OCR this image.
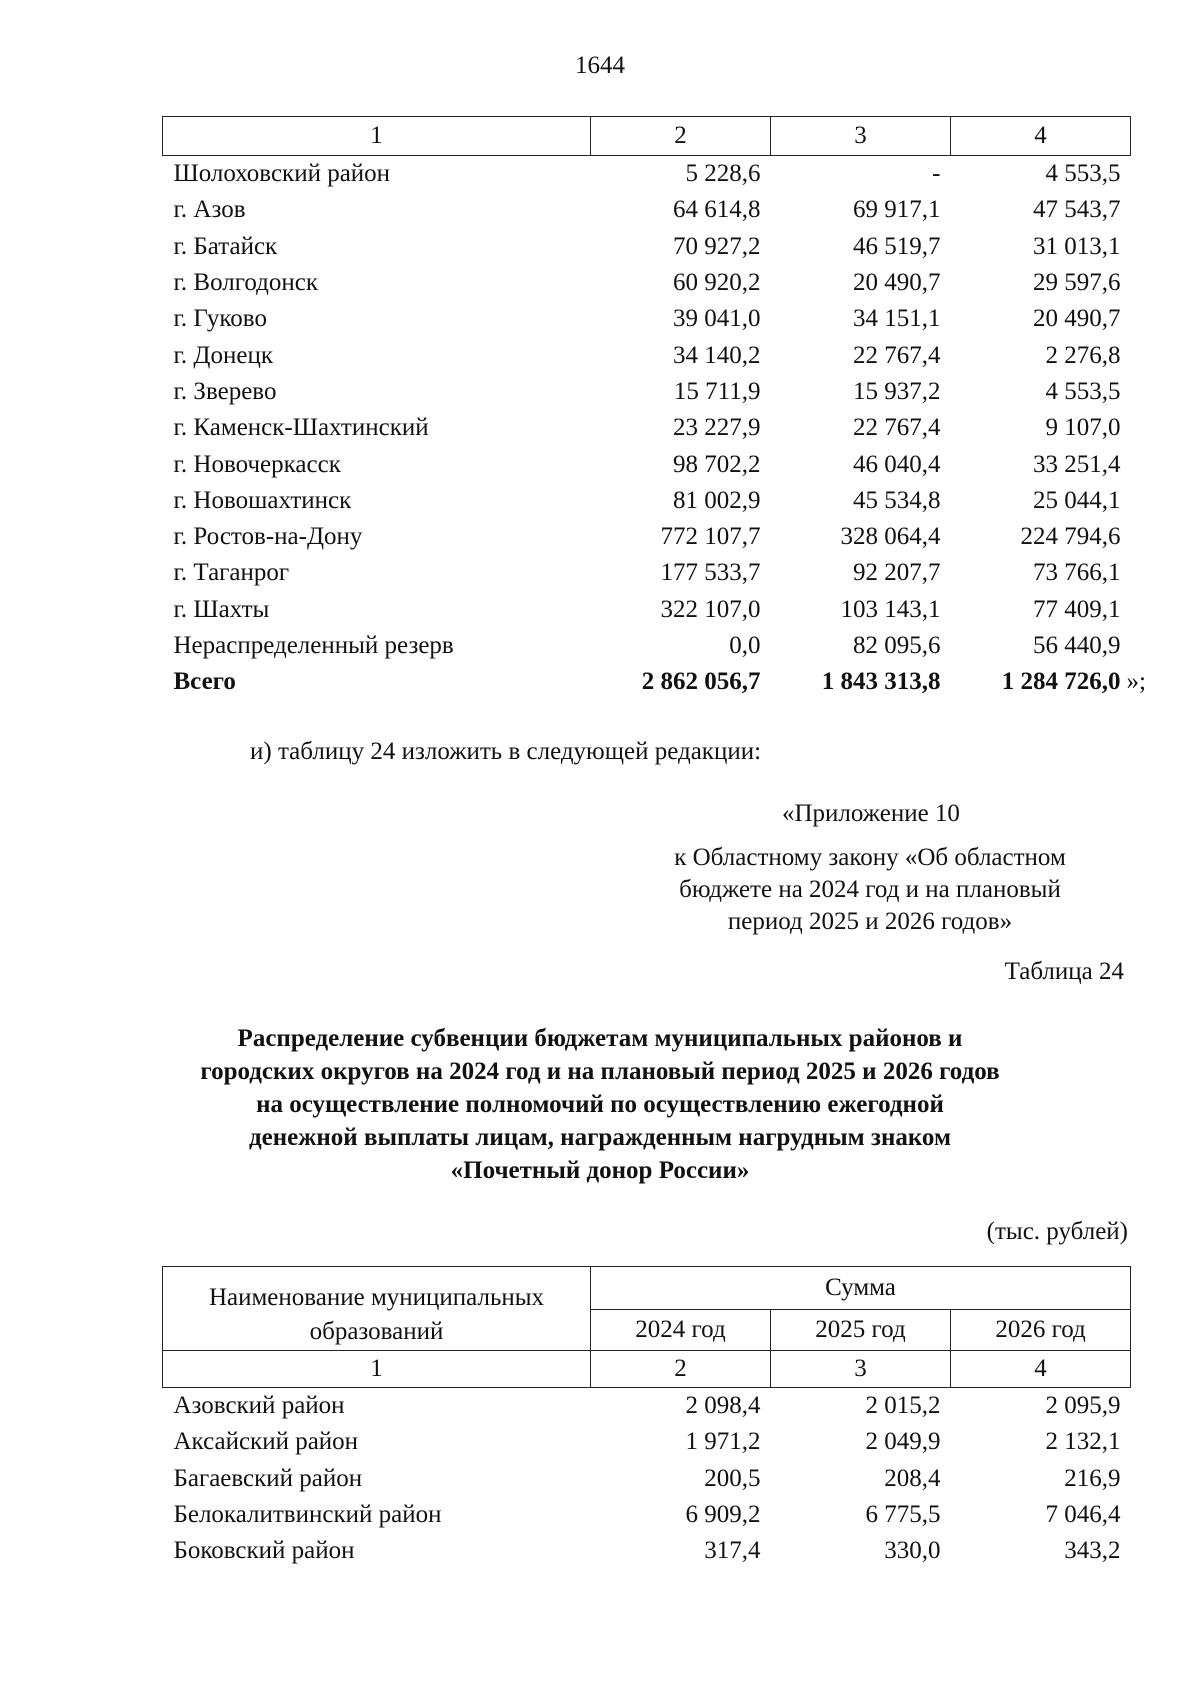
1644
1	2	3	4
Шолоховский район	5 228,6	-	4 553,5
г. Азов	64 614,8	69 917,1	47 543,7
г. Батайск	70 927,2	46 519,7	31 013,1
г. Волгодонск	60 920,2	20 490,7	29 597,6
г. Гуково	39 041,0	34 151,1	20 490,7
г. Донецк	34 140,2	22 767,4	2 276,8
г. Зверево	15 711,9	15 937,2	4 553,5
г. Каменск-Шахтинский	23 227,9	22 767,4	9 107,0
г. Новочеркасск	98 702,2	46 040,4	33 251,4
г. Новошахтинск	81 002,9	45 534,8	25 044,1
г. Ростов-на-Дону	772 107,7	328 064,4	224 794,6
г. Таганрог	177 533,7	92 207,7	73 766,1
г. Шахты	322 107,0	103 143,1	77 409,1
Нераспределенный резерв	0,0	82 095,6	56 440,9
Всего	2 862 056,7	1 843 313,8	1 284 726,0 »;
и) таблицу 24 изложить в следующей редакции:
«Приложение 10
к Областному закону «Об областном
бюджете на 2024 год и на плановый
период 2025 и 2026 годов»
Таблица 24
Распределение субвенции бюджетам муниципальных районов и
городских округов на 2024 год и на плановый период 2025 и 2026 годов
на осуществление полномочий по осуществлению ежегодной
денежной выплаты лицам, награжденным нагрудным знаком
«Почетный донор России»
(тыс. рублей)
Наименование муниципальных
образований	Сумма		
	2024 год	2025 год	2026 год
1	2	3	4
Азовский район	2 098,4	2 015,2	2 095,9
Аксайский район	1 971,2	2 049,9	2 132,1
Багаевский район	200,5	208,4	216,9
Белокалитвинский район	6 909,2	6 775,5	7 046,4
Боковский район	317,4	330,0	343,2
